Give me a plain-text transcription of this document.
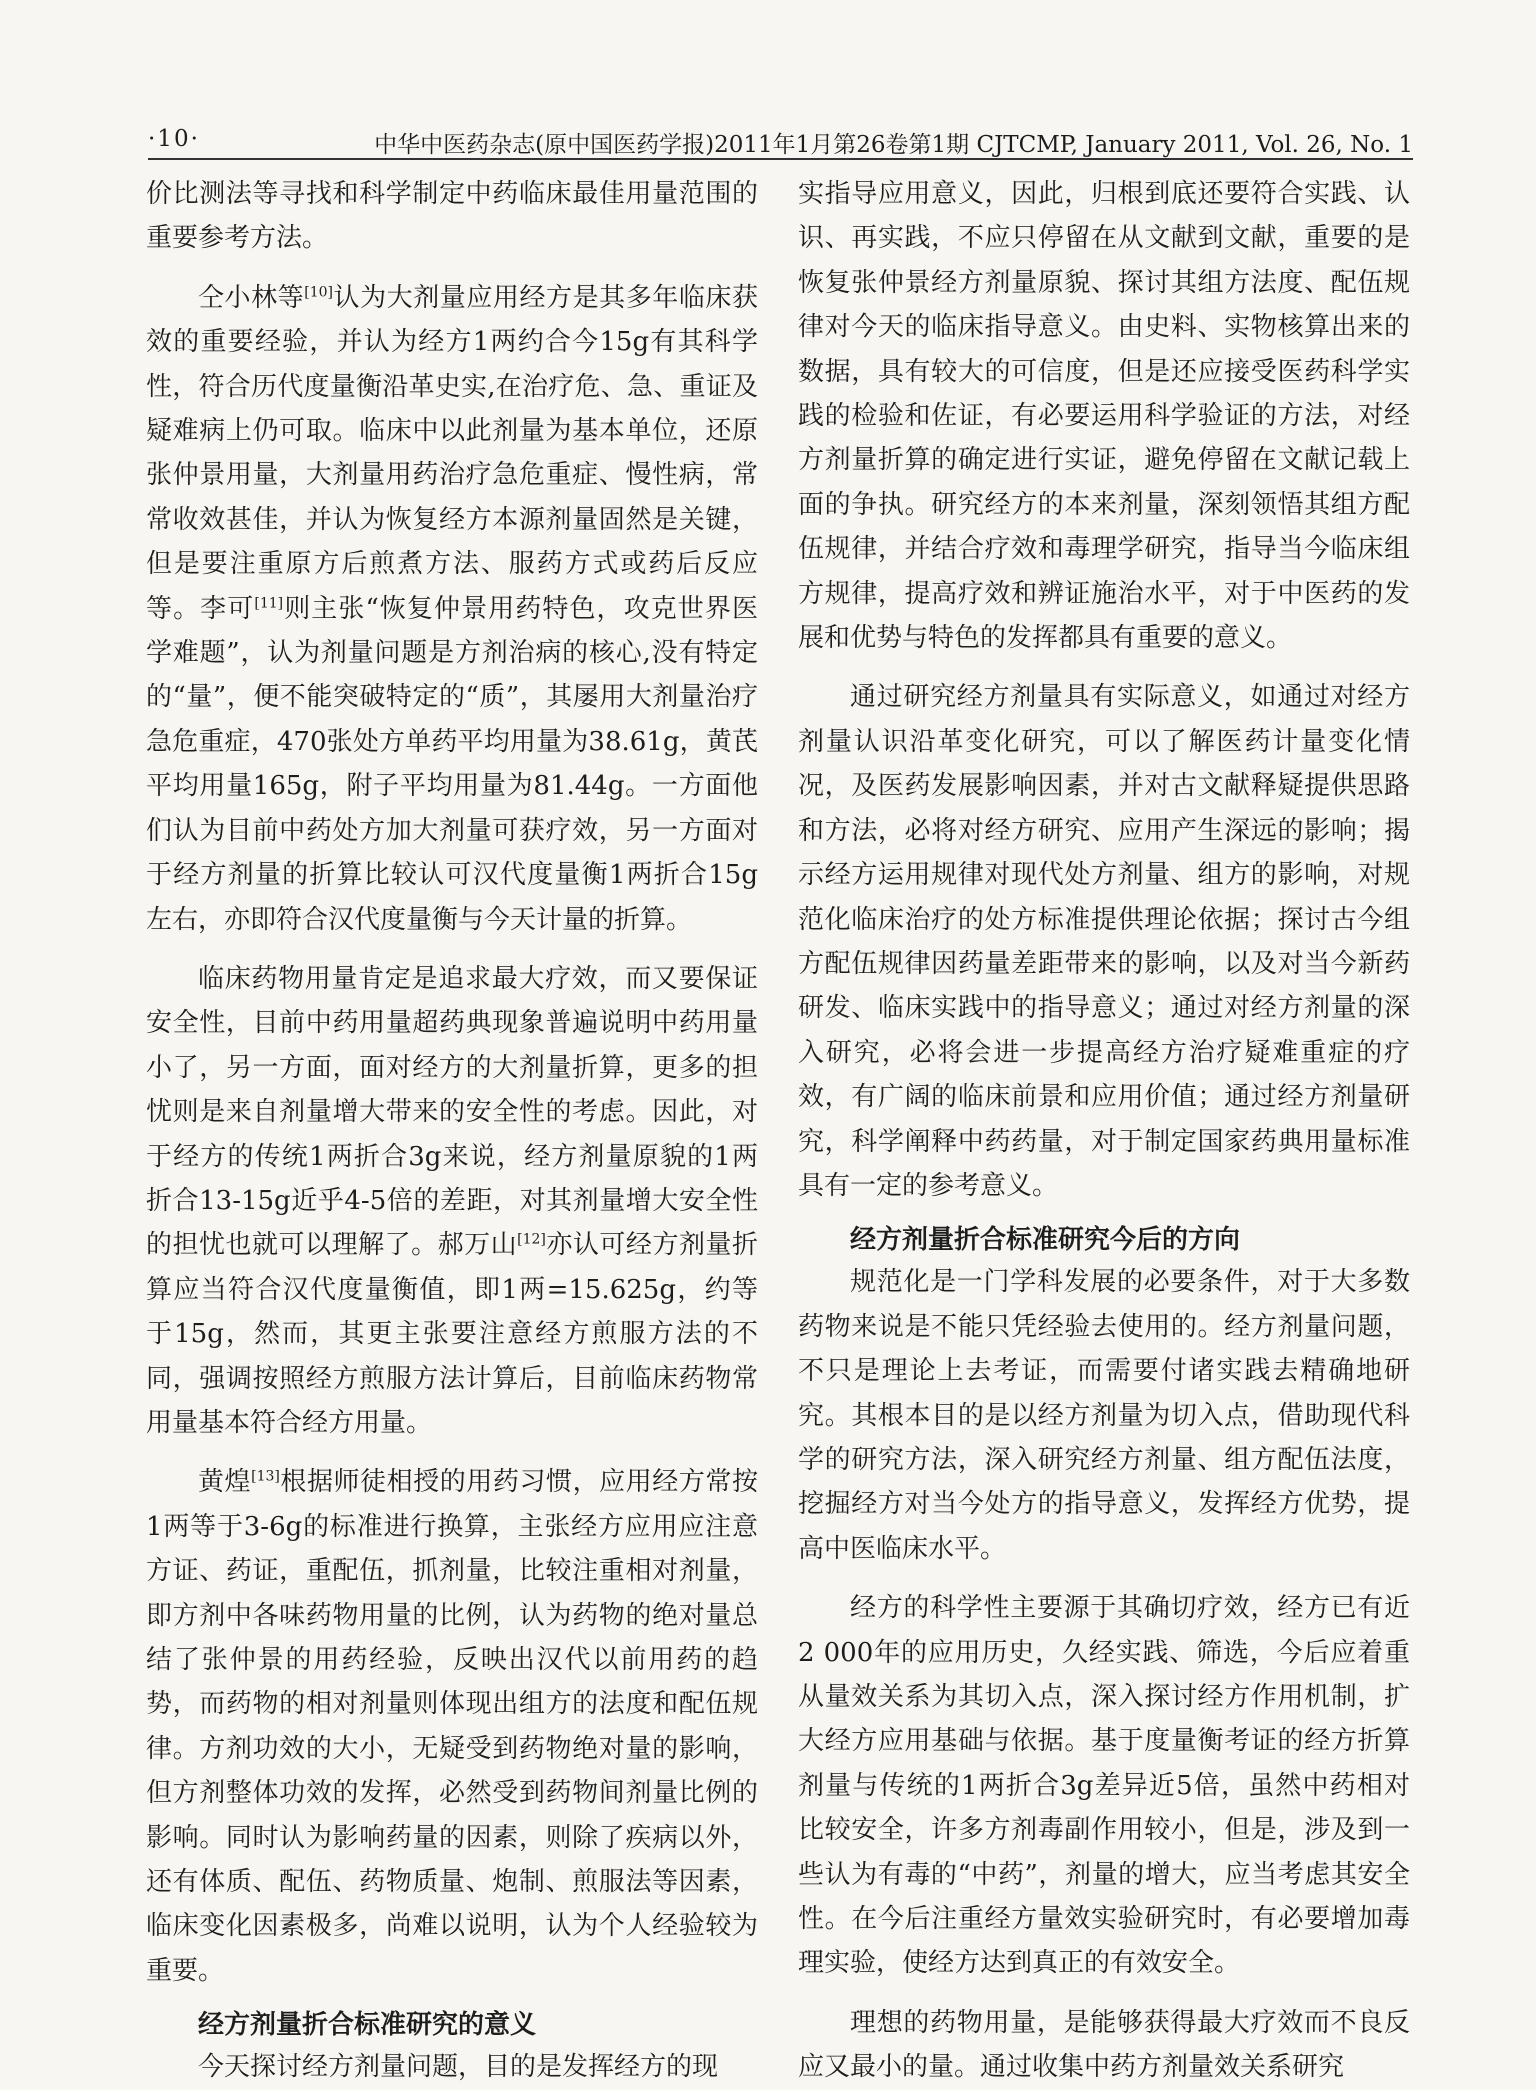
·10·	中华中医药杂志(原中国医药学报)2011年1月第26卷第1期 CJTCMP, January 2011, Vol. 26, No. 1

价比测法等寻找和科学制定中药临床最佳用量范围的重要参考方法。

仝小林等[10]认为大剂量应用经方是其多年临床获效的重要经验，并认为经方1两约合今15g有其科学性，符合历代度量衡沿革史实,在治疗危、急、重证及疑难病上仍可取。临床中以此剂量为基本单位，还原张仲景用量，大剂量用药治疗急危重症、慢性病，常常收效甚佳，并认为恢复经方本源剂量固然是关键，但是要注重原方后煎煮方法、服药方式或药后反应等。李可[11]则主张“恢复仲景用药特色，攻克世界医学难题”，认为剂量问题是方剂治病的核心,没有特定的“量”，便不能突破特定的“质”，其屡用大剂量治疗急危重症，470张处方单药平均用量为38.61g，黄芪平均用量165g，附子平均用量为81.44g。一方面他们认为目前中药处方加大剂量可获疗效，另一方面对于经方剂量的折算比较认可汉代度量衡1两折合15g左右，亦即符合汉代度量衡与今天计量的折算。

临床药物用量肯定是追求最大疗效，而又要保证安全性，目前中药用量超药典现象普遍说明中药用量小了，另一方面，面对经方的大剂量折算，更多的担忧则是来自剂量增大带来的安全性的考虑。因此，对于经方的传统1两折合3g来说，经方剂量原貌的1两折合13-15g近乎4-5倍的差距，对其剂量增大安全性的担忧也就可以理解了。郝万山[12]亦认可经方剂量折算应当符合汉代度量衡值，即1两=15.625g，约等于15g，然而，其更主张要注意经方煎服方法的不同，强调按照经方煎服方法计算后，目前临床药物常用量基本符合经方用量。

黄煌[13]根据师徒相授的用药习惯，应用经方常按1两等于3-6g的标准进行换算，主张经方应用应注意方证、药证，重配伍，抓剂量，比较注重相对剂量，即方剂中各味药物用量的比例，认为药物的绝对量总结了张仲景的用药经验，反映出汉代以前用药的趋势，而药物的相对剂量则体现出组方的法度和配伍规律。方剂功效的大小，无疑受到药物绝对量的影响，但方剂整体功效的发挥，必然受到药物间剂量比例的影响。同时认为影响药量的因素，则除了疾病以外，还有体质、配伍、药物质量、炮制、煎服法等因素，临床变化因素极多，尚难以说明，认为个人经验较为重要。

经方剂量折合标准研究的意义

今天探讨经方剂量问题，目的是发挥经方的现

实指导应用意义，因此，归根到底还要符合实践、认识、再实践，不应只停留在从文献到文献，重要的是恢复张仲景经方剂量原貌、探讨其组方法度、配伍规律对今天的临床指导意义。由史料、实物核算出来的数据，具有较大的可信度，但是还应接受医药科学实践的检验和佐证，有必要运用科学验证的方法，对经方剂量折算的确定进行实证，避免停留在文献记载上面的争执。研究经方的本来剂量，深刻领悟其组方配伍规律，并结合疗效和毒理学研究，指导当今临床组方规律，提高疗效和辨证施治水平，对于中医药的发展和优势与特色的发挥都具有重要的意义。

通过研究经方剂量具有实际意义，如通过对经方剂量认识沿革变化研究，可以了解医药计量变化情况，及医药发展影响因素，并对古文献释疑提供思路和方法，必将对经方研究、应用产生深远的影响；揭示经方运用规律对现代处方剂量、组方的影响，对规范化临床治疗的处方标准提供理论依据；探讨古今组方配伍规律因药量差距带来的影响，以及对当今新药研发、临床实践中的指导意义；通过对经方剂量的深入研究，必将会进一步提高经方治疗疑难重症的疗效，有广阔的临床前景和应用价值；通过经方剂量研究，科学阐释中药药量，对于制定国家药典用量标准具有一定的参考意义。

经方剂量折合标准研究今后的方向

规范化是一门学科发展的必要条件，对于大多数药物来说是不能只凭经验去使用的。经方剂量问题，不只是理论上去考证，而需要付诸实践去精确地研究。其根本目的是以经方剂量为切入点，借助现代科学的研究方法，深入研究经方剂量、组方配伍法度，挖掘经方对当今处方的指导意义，发挥经方优势，提高中医临床水平。

经方的科学性主要源于其确切疗效，经方已有近2 000年的应用历史，久经实践、筛选，今后应着重从量效关系为其切入点，深入探讨经方作用机制，扩大经方应用基础与依据。基于度量衡考证的经方折算剂量与传统的1两折合3g差异近5倍，虽然中药相对比较安全，许多方剂毒副作用较小，但是，涉及到一些认为有毒的“中药”，剂量的增大，应当考虑其安全性。在今后注重经方量效实验研究时，有必要增加毒理实验，使经方达到真正的有效安全。

理想的药物用量，是能够获得最大疗效而不良反应又最小的量。通过收集中药方剂量效关系研究
